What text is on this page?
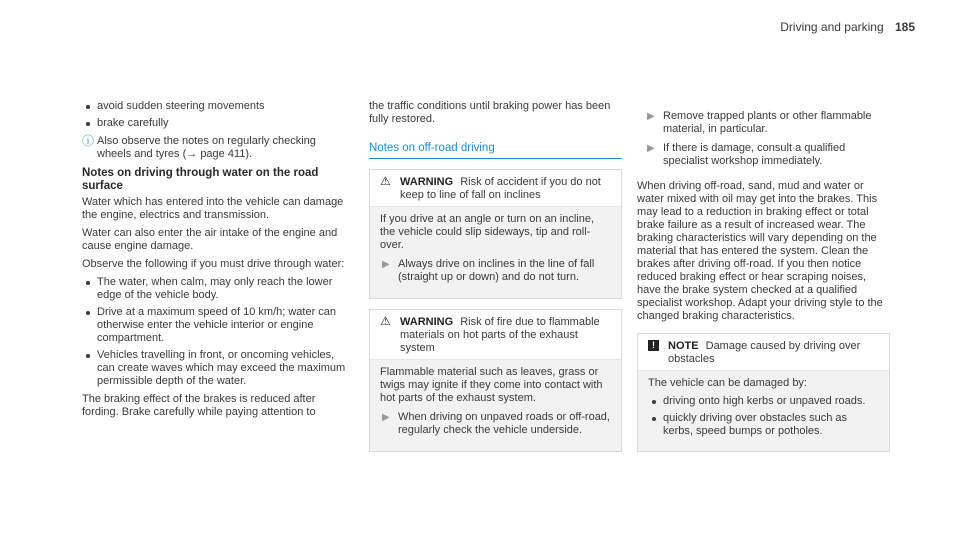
Driving and parking 185
avoid sudden steering movements
brake carefully
ⓘ Also observe the notes on regularly checking wheels and tyres (→ page 411).
Notes on driving through water on the road surface

Water which has entered into the vehicle can damage the engine, electrics and transmission.

Water can also enter the air intake of the engine and cause engine damage.

Observe the following if you must drive through water:

The water, when calm, may only reach the lower edge of the vehicle body.
Drive at a maximum speed of 10 km/h; water can otherwise enter the vehicle interior or engine compartment.
Vehicles travelling in front, or oncoming vehicles, can create waves which may exceed the maximum permissible depth of the water.

The braking effect of the brakes is reduced after fording. Brake carefully while paying attention to

the traffic conditions until braking power has been fully restored.

Notes on off-road driving
⚠ WARNING Risk of accident if you do not keep to line of fall on inclines

If you drive at an angle or turn on an incline, the vehicle could slip sideways, tip and roll-over.

▶ Always drive on inclines in the line of fall (straight up or down) and do not turn.
⚠ WARNING Risk of fire due to flammable materials on hot parts of the exhaust system

Flammable material such as leaves, grass or twigs may ignite if they come into contact with hot parts of the exhaust system.

▶ When driving on unpaved roads or off-road, regularly check the vehicle underside.
▶ Remove trapped plants or other flammable material, in particular.
▶ If there is damage, consult a qualified specialist workshop immediately.

When driving off-road, sand, mud and water or water mixed with oil may get into the brakes. This may lead to a reduction in braking effect or total brake failure as a result of increased wear. The braking characteristics will vary depending on the material that has entered the system. Clean the brakes after driving off-road. If you then notice reduced braking effect or hear scraping noises, have the brake system checked at a qualified specialist workshop. Adapt your driving style to the changed braking characteristics.

!	NOTE Damage caused by driving over obstacles

The vehicle can be damaged by:

driving onto high kerbs or unpaved roads.
quickly driving over obstacles such as kerbs, speed bumps or potholes.
